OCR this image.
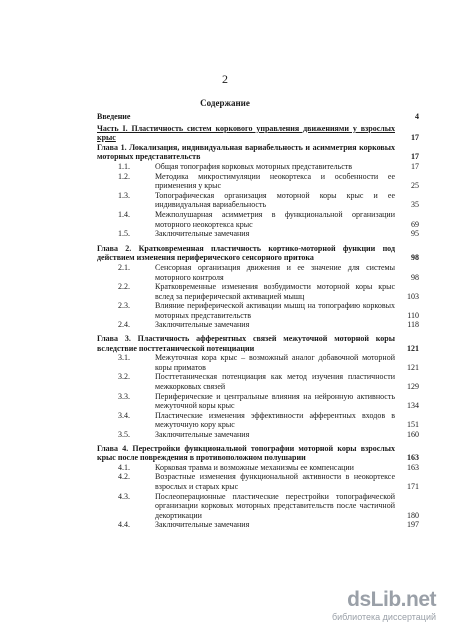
2
Содержание
Введение	4
Часть I. Пластичность систем коркового управления движениями у взрослых крыс	17
Глава 1. Локализация, индивидуальная вариабельность и асимметрия корковых моторных представительств	17
1.1.	Общая топография корковых моторных представительств	17
1.2.	Методика микростимуляции неокортекса и особенности ее применения у крыс	25
1.3.	Топографическая организация моторной коры крыс и ее индивидуальная вариабельность	35
1.4.	Межполушарная асимметрия в функциональной организации моторного неокортекса крыс	69
1.5.	Заключительные замечания	95
Глава 2. Кратковременная пластичность кортико-моторной функции под действием изменения периферического сенсорного притока	98
2.1.	Сенсорная организация движения и ее значение для системы моторного контроля	98
2.2.	Кратковременные изменения возбудимости моторной коры крыс вслед за периферической активацией мышц	103
2.3.	Влияние периферической активации мышц на топографию корковых моторных представительств	110
2.4.	Заключительные замечания	118
Глава 3. Пластичность афферентных связей межуточной моторной коры вследствие посттетанической потенциации	121
3.1.	Межуточная кора крыс – возможный аналог добавочной моторной коры приматов	121
3.2.	Посттетаническая потенциация как метод изучения пластичности межкорковых связей	129
3.3.	Периферические и центральные влияния на нейронную активность межуточной коры крыс	134
3.4.	Пластические изменения эффективности афферентных входов в межуточную кору крыс	151
3.5.	Заключительные замечания	160
Глава 4. Перестройки функциональной топографии моторной коры взрослых крыс после повреждения в противоположном полушарии	163
4.1.	Корковая травма и возможные механизмы ее компенсации	163
4.2.	Возрастные изменения функциональной активности в неокортексе взрослых и старых крыс	171
4.3.	Послеоперационные пластические перестройки топографической организации корковых моторных представительств после частичной декортикации	180
4.4.	Заключительные замечания	197
dsLib.net
библиотека диссертаций
